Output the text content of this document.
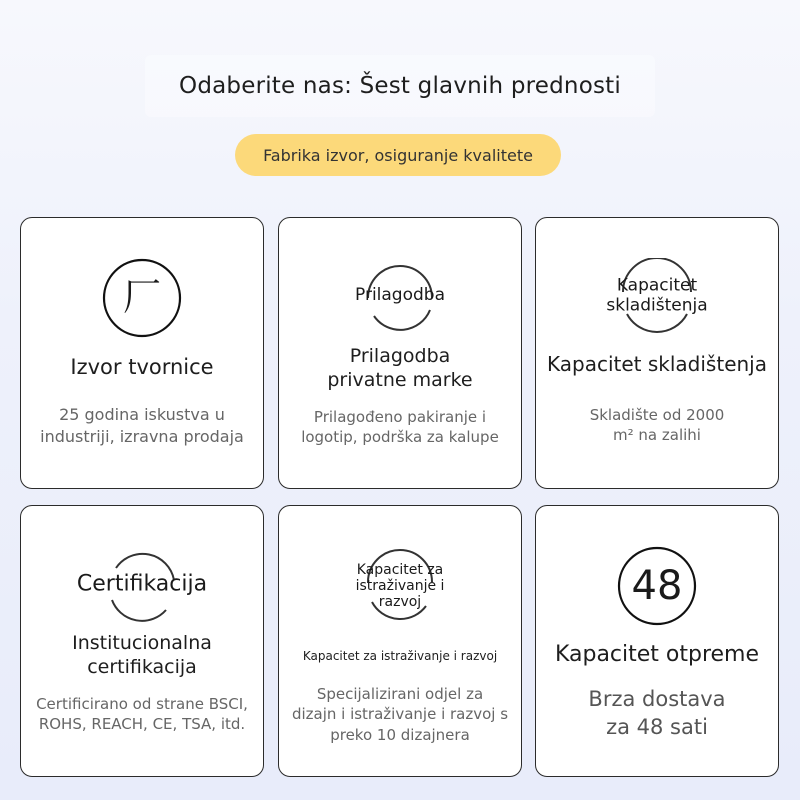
Odaberite nas: Šest glavnih prednosti
Fabrika izvor, osiguranje kvalitete
厂
Izvor tvornice
25 godina iskustva u
industriji, izravna prodaja
Prilagodba
Prilagodba
privatne marke
Prilagođeno pakiranje i
logotip, podrška za kalupe
Kapacitet
skladištenja
Kapacitet skladištenja
Skladište od 2000
m² na zalihi
Certifikacija
Institucionalna
certifikacija
Certificirano od strane BSCI,
ROHS, REACH, CE, TSA, itd.
Kapacitet za
istraživanje i
razvoj
Kapacitet za istraživanje i razvoj
Specijalizirani odjel za
dizajn i istraživanje i razvoj s
preko 10 dizajnera
48
Kapacitet otpreme
Brza dostava
za 48 sati
